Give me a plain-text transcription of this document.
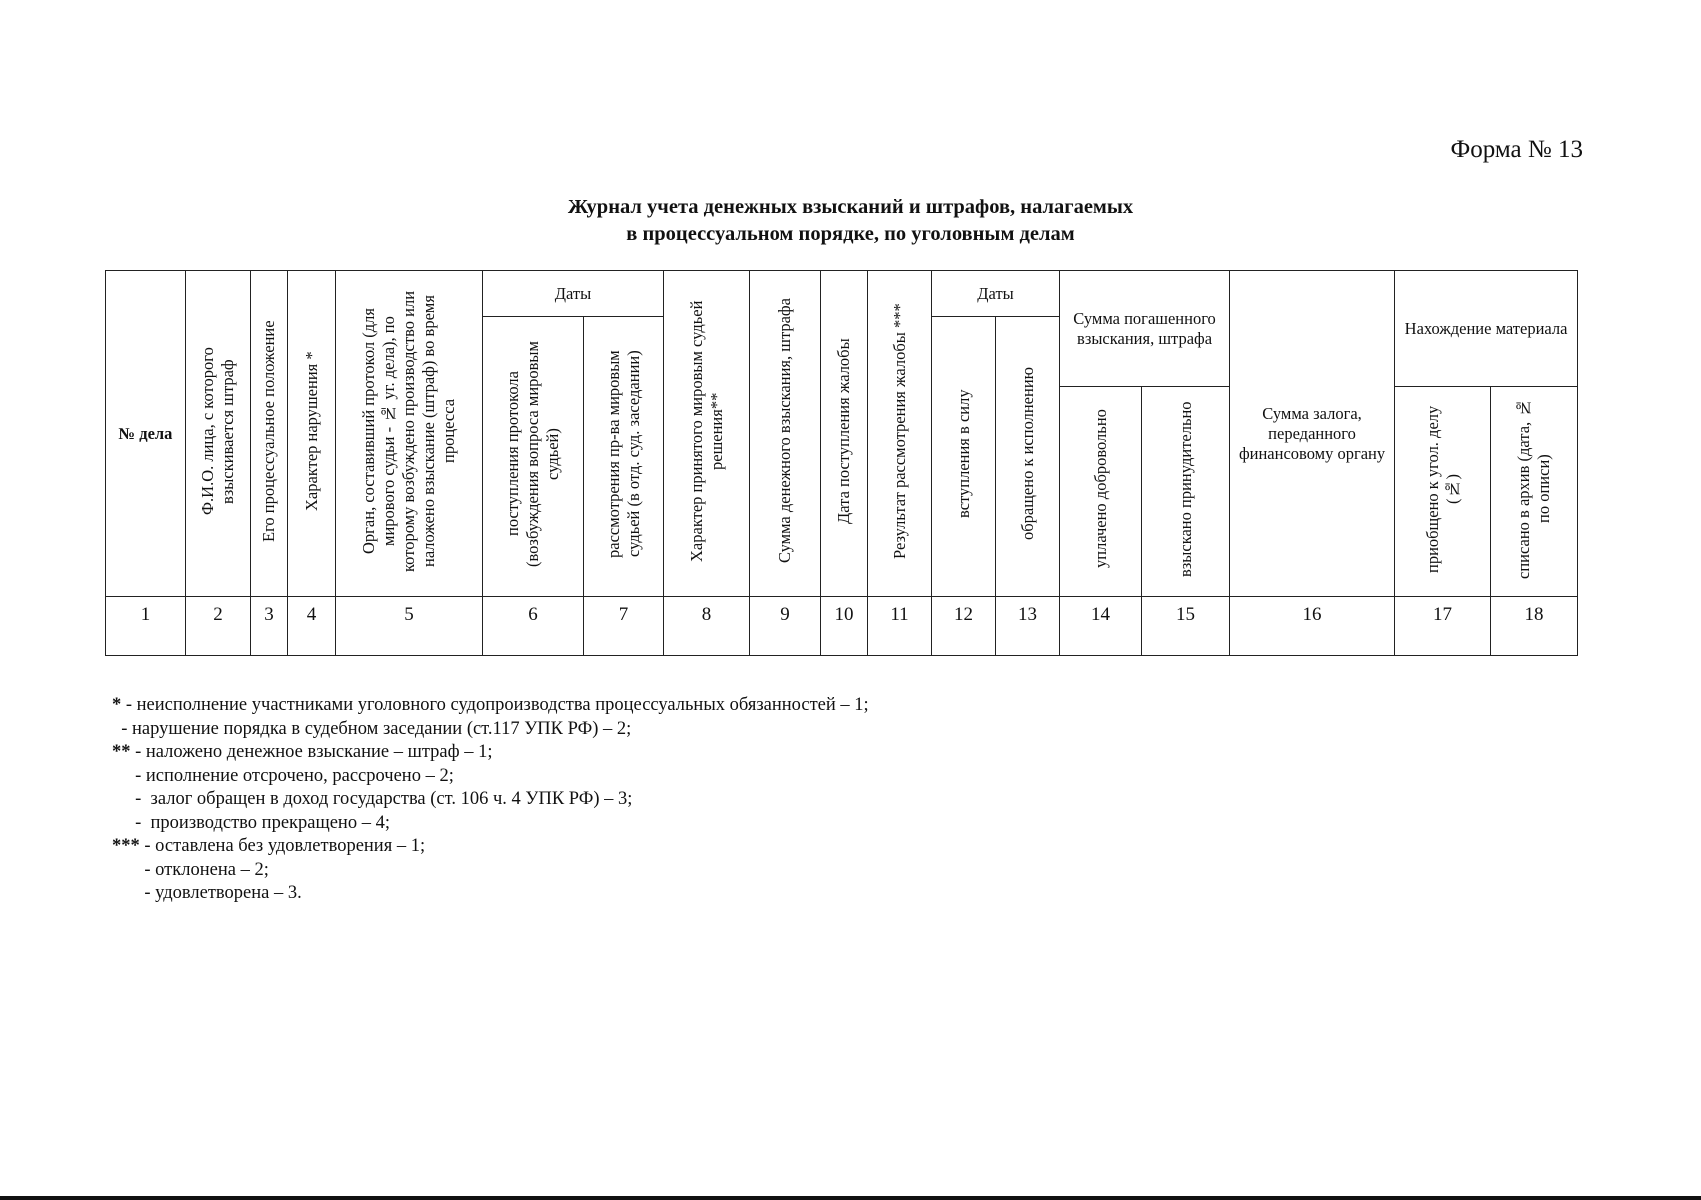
Форма № 13
Журнал учета денежных взысканий и штрафов, налагаемых
в процессуальном порядке, по уголовным делам
№ дела	Ф.И.О. лица, с которого взыскивается штраф	Его процессуальное положение	Характер нарушения *	Орган, составивший протокол (для мирового судьи - № уг. дела), по которому возбуждено производство или наложено взыскание (штраф) во время процесса	Даты		Характер принятого мировым судьей решения**	Сумма денежного взыскания, штрафа	Дата поступления жалобы	Результат рассмотрения жалобы ***	Даты		Сумма погашенного взыскания, штрафа		Сумма залога, переданного финансовому органу	Нахождение материала	
					поступления протокола (возбуждения вопроса мировым судьей)	рассмотрения пр-ва мировым судьей (в отд. суд. заседании)					вступления в силу	обращено к исполнению					
													уплачено добровольно	взыскано принудительно		приобщено к угол. делу (№)	списано в архив (дата, № по описи)
1	2	3	4	5	6	7	8	9	10	11	12	13	14	15	16	17	18
* - неисполнение участниками уголовного судопроизводства процессуальных обязанностей – 1;
- нарушение порядка в судебном заседании (ст.117 УПК РФ) – 2;
** - наложено денежное взыскание – штраф – 1;
- исполнение отсрочено, рассрочено – 2;
-  залог обращен в доход государства (ст. 106 ч. 4 УПК РФ) – 3;
-  производство прекращено – 4;
*** - оставлена без удовлетворения – 1;
- отклонена – 2;
- удовлетворена – 3.
